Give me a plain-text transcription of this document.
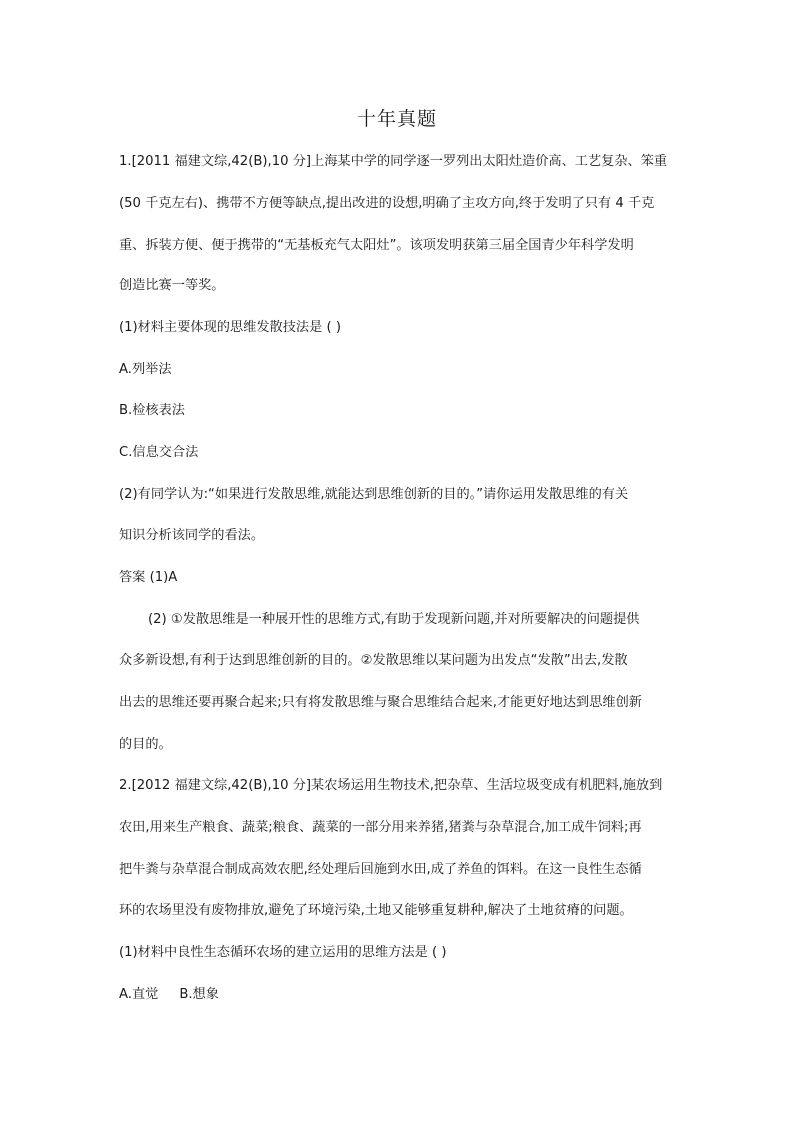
十年真题
1.[2011 福建文综,42(B),10 分]上海某中学的同学逐一罗列出太阳灶造价高、工艺复杂、笨重
(50 千克左右)、携带不方便等缺点,提出改进的设想,明确了主攻方向,终于发明了只有 4 千克
重、拆装方便、便于携带的“无基板充气太阳灶”。该项发明获第三届全国青少年科学发明
创造比赛一等奖。
(1)材料主要体现的思维发散技法是 ( )
A.列举法
B.检核表法
C.信息交合法
(2)有同学认为:“如果进行发散思维,就能达到思维创新的目的。”请你运用发散思维的有关
知识分析该同学的看法。
答案 (1)A
(2) ①发散思维是一种展开性的思维方式,有助于发现新问题,并对所要解决的问题提供
众多新设想,有利于达到思维创新的目的。②发散思维以某问题为出发点“发散”出去,发散
出去的思维还要再聚合起来;只有将发散思维与聚合思维结合起来,才能更好地达到思维创新
的目的。
2.[2012 福建文综,42(B),10 分]某农场运用生物技术,把杂草、生活垃圾变成有机肥料,施放到
农田,用来生产粮食、蔬菜;粮食、蔬菜的一部分用来养猪,猪粪与杂草混合,加工成牛饲料;再
把牛粪与杂草混合制成高效农肥,经处理后回施到水田,成了养鱼的饵料。在这一良性生态循
环的农场里没有废物排放,避免了环境污染,土地又能够重复耕种,解决了土地贫瘠的问题。
(1)材料中良性生态循环农场的建立运用的思维方法是 ( )
A.直觉     B.想象
